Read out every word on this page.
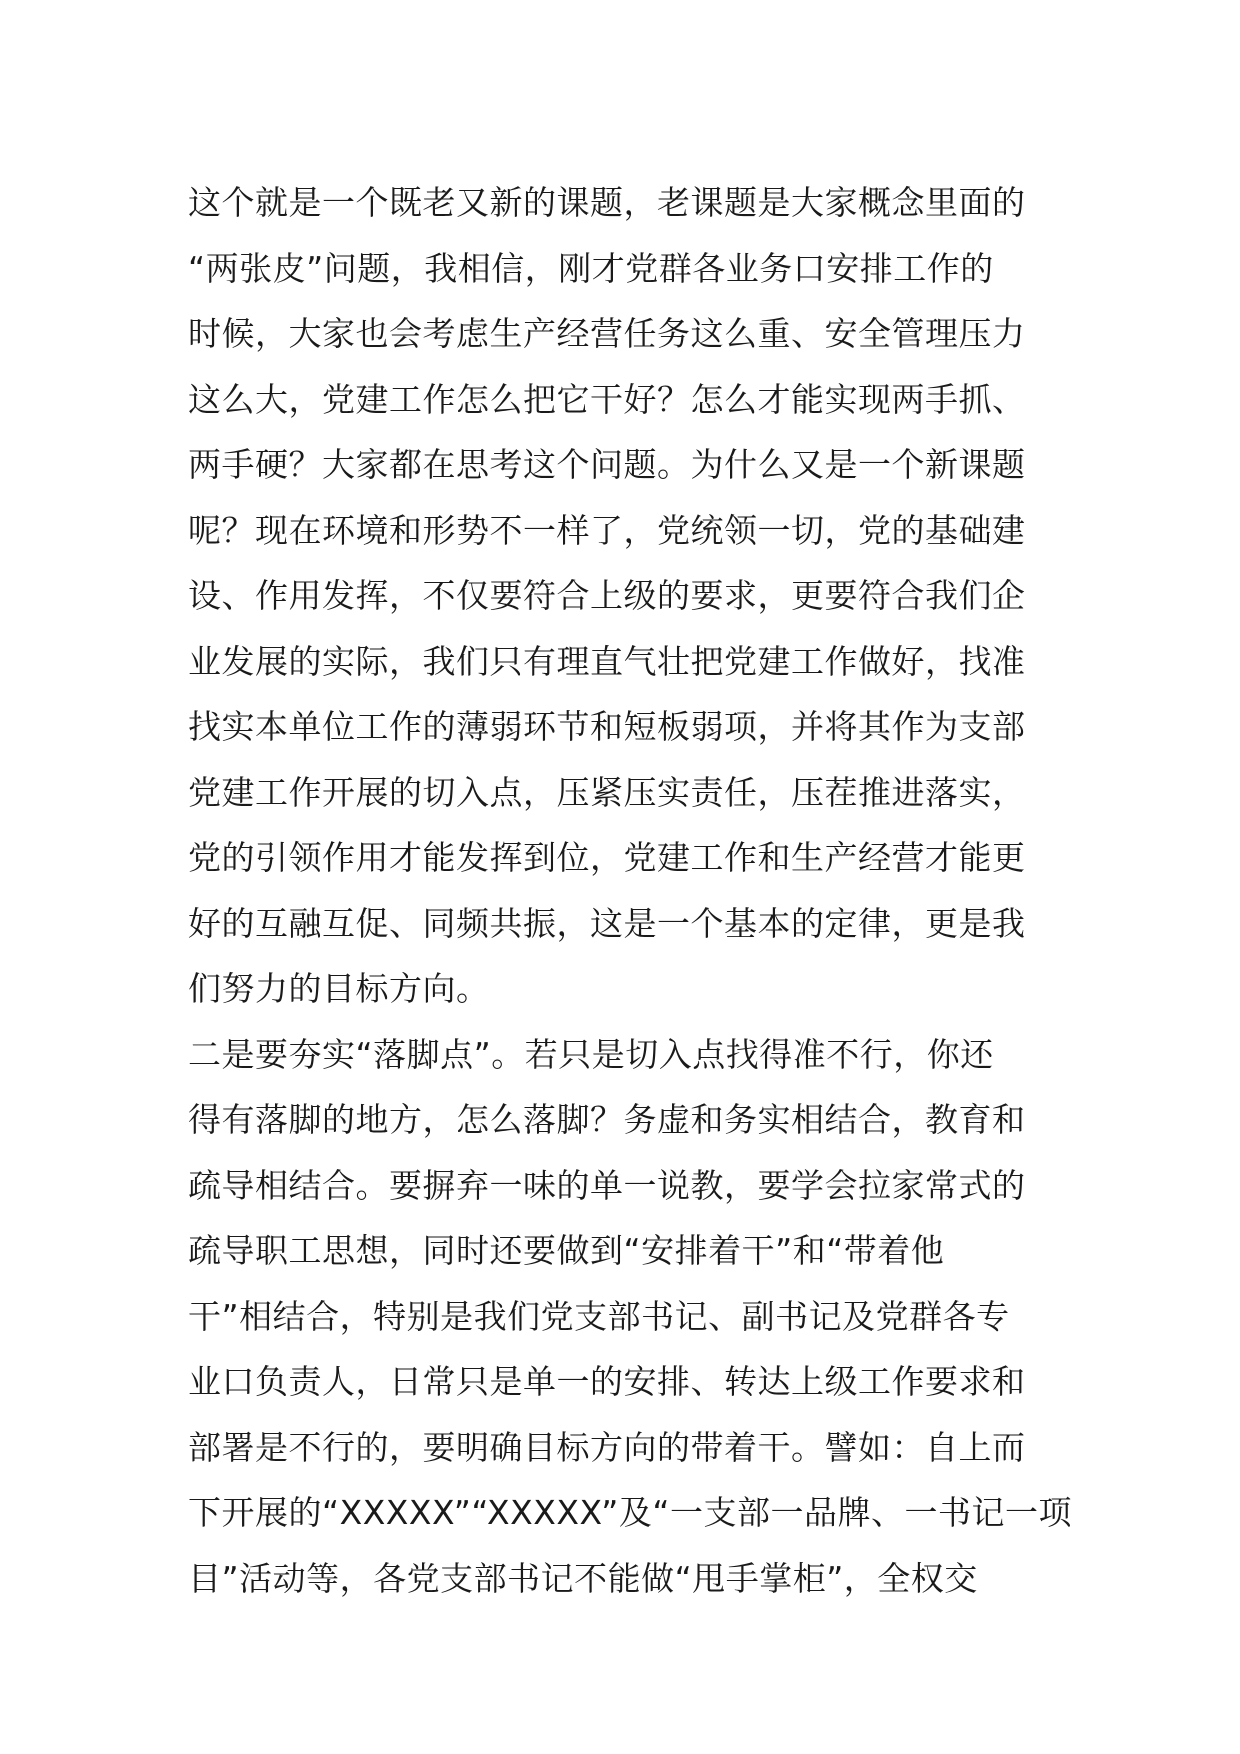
这个就是一个既老又新的课题，老课题是大家概念里面的
“两张皮”问题，我相信，刚才党群各业务口安排工作的
时候，大家也会考虑生产经营任务这么重、安全管理压力
这么大，党建工作怎么把它干好？怎么才能实现两手抓、
两手硬？大家都在思考这个问题。为什么又是一个新课题
呢？现在环境和形势不一样了，党统领一切，党的基础建
设、作用发挥，不仅要符合上级的要求，更要符合我们企
业发展的实际，我们只有理直气壮把党建工作做好，找准
找实本单位工作的薄弱环节和短板弱项，并将其作为支部
党建工作开展的切入点，压紧压实责任，压茬推进落实，
党的引领作用才能发挥到位，党建工作和生产经营才能更
好的互融互促、同频共振，这是一个基本的定律，更是我
们努力的目标方向。
二是要夯实“落脚点”。若只是切入点找得准不行，你还
得有落脚的地方，怎么落脚？务虚和务实相结合，教育和
疏导相结合。要摒弃一味的单一说教，要学会拉家常式的
疏导职工思想，同时还要做到“安排着干”和“带着他
干”相结合，特别是我们党支部书记、副书记及党群各专
业口负责人，日常只是单一的安排、转达上级工作要求和
部署是不行的，要明确目标方向的带着干。譬如：自上而
下开展的“XXXXX”“XXXXX”及“一支部一品牌、一书记一项
目”活动等，各党支部书记不能做“甩手掌柜”，全权交
